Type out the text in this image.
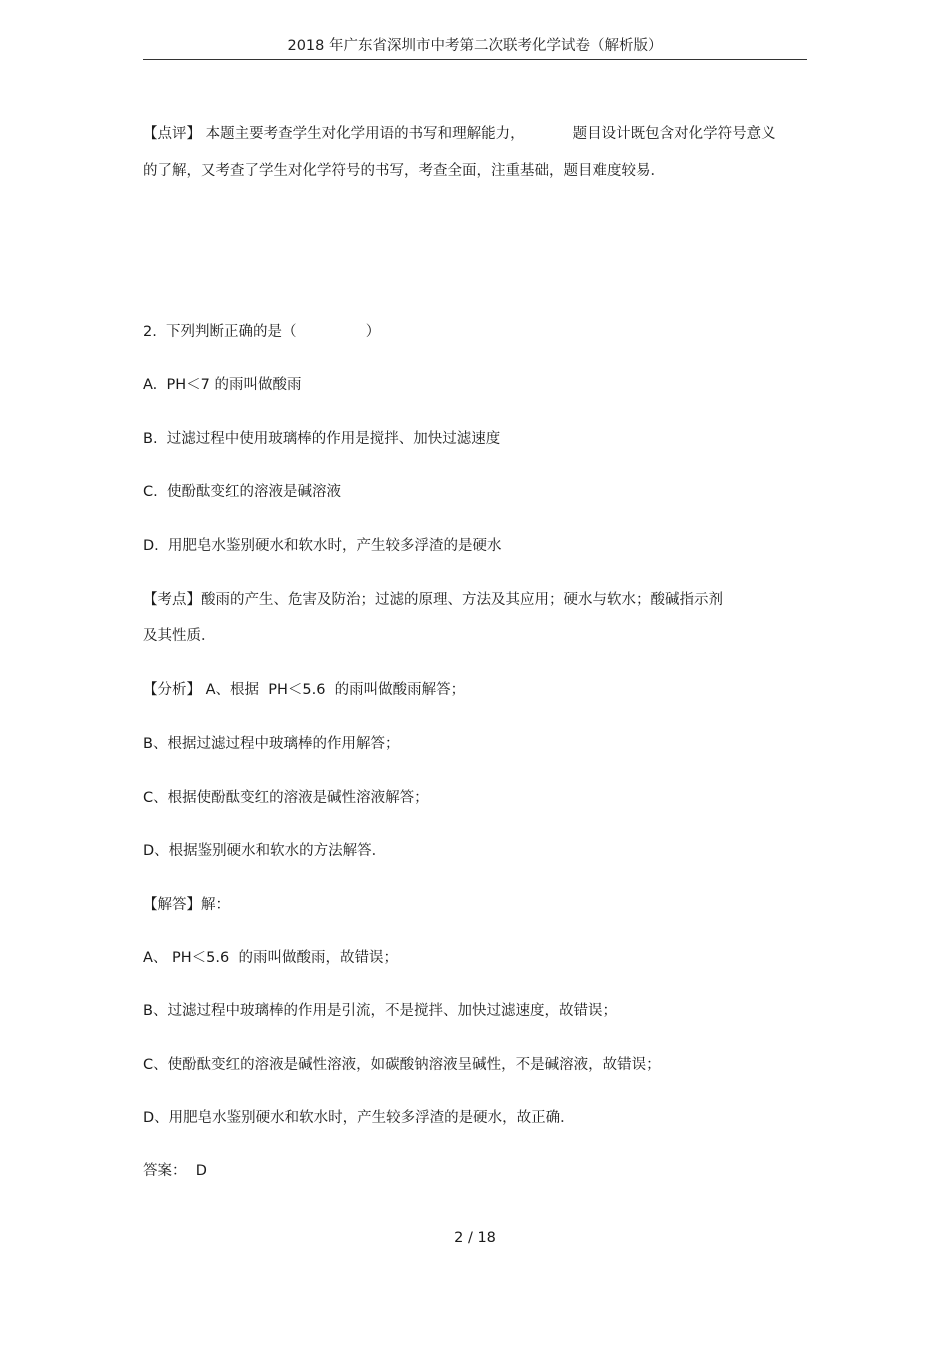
2018 年广东省深圳市中考第二次联考化学试卷（解析版）
【点评】 本题主要考查学生对化学用语的书写和理解能力，	题目设计既包含对化学符号意义
的了解，又考查了学生对化学符号的书写，考查全面，注重基础，题目难度较易．
2.  下列判断正确的是（               ）
A.  PH＜7 的雨叫做酸雨
B.  过滤过程中使用玻璃棒的作用是搅拌、加快过滤速度
C.  使酚酞变红的溶液是碱溶液
D.  用肥皂水鉴别硬水和软水时，产生较多浮渣的是硬水
【考点】酸雨的产生、危害及防治；过滤的原理、方法及其应用；硬水与软水；酸碱指示剂
及其性质．
【分析】 A、根据  PH＜5.6  的雨叫做酸雨解答；
B、根据过滤过程中玻璃棒的作用解答；
C、根据使酚酞变红的溶液是碱性溶液解答；
D、根据鉴别硬水和软水的方法解答．
【解答】解：
A、 PH＜5.6  的雨叫做酸雨，故错误；
B、过滤过程中玻璃棒的作用是引流，不是搅拌、加快过滤速度，故错误；
C、使酚酞变红的溶液是碱性溶液，如碳酸钠溶液呈碱性，不是碱溶液，故错误；
D、用肥皂水鉴别硬水和软水时，产生较多浮渣的是硬水，故正确．
答案：  D
2 / 18
